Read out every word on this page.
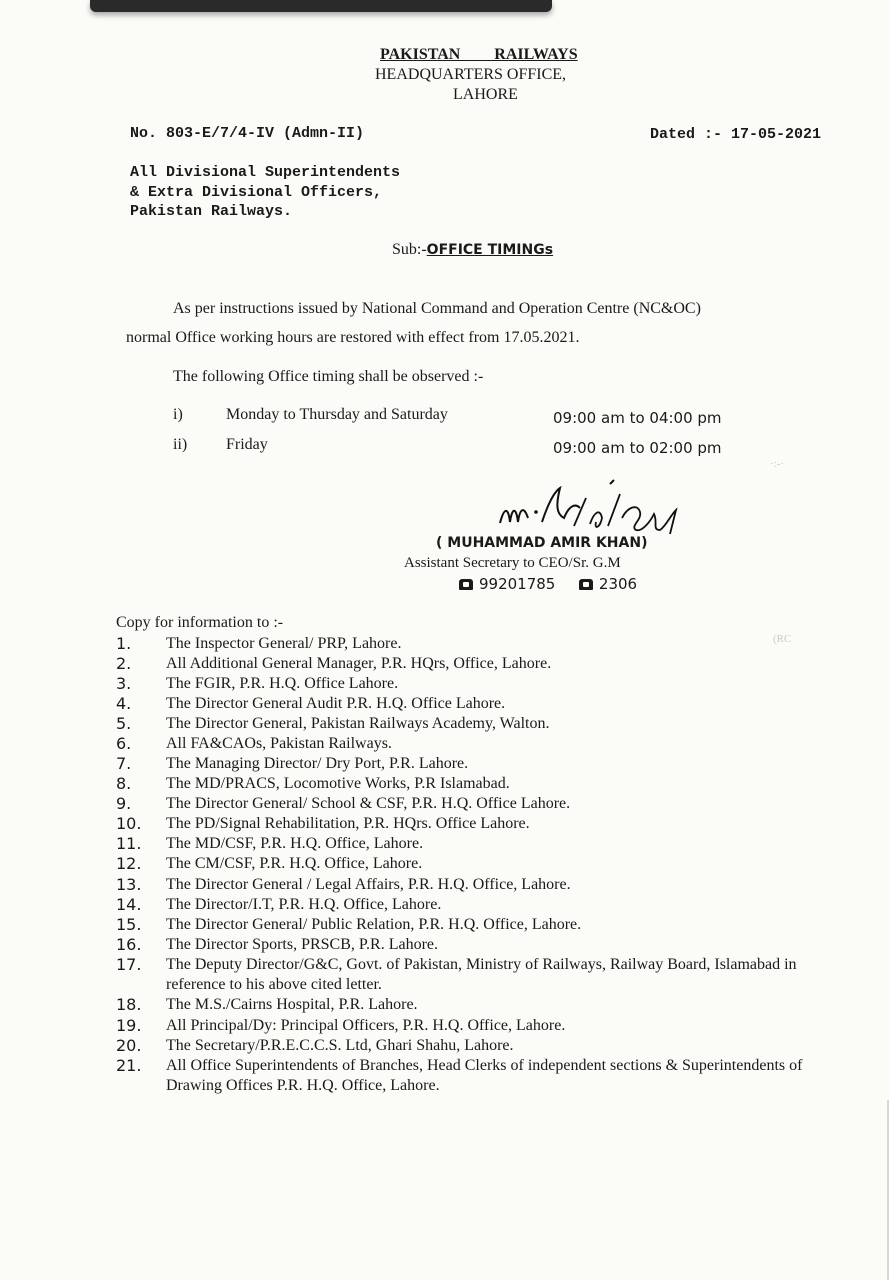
PAKISTAN RAILWAYS
HEADQUARTERS OFFICE,
LAHORE
No. 803-E/7/4-IV (Admn-II)	Dated :- 17-05-2021
All Divisional Superintendents
& Extra Divisional Officers,
Pakistan Railways.
Sub:-OFFICE TIMINGs
As per instructions issued by National Command and Operation Centre (NC&OC)
normal Office working hours are restored with effect from 17.05.2021.
The following Office timing shall be observed :-
i)	Monday to Thursday and Saturday	09:00 am to 04:00 pm
ii) Friday	09:00 am to 02:00 pm
( MUHAMMAD AMIR KHAN)
Assistant Secretary to CEO/Sr. G.M
99201785	2306
·:-·
(RC
Copy for information to :-
1. The Inspector General/ PRP, Lahore.
2. All Additional General Manager, P.R. HQrs, Office, Lahore.
3. The FGIR, P.R. H.Q. Office Lahore.
4. The Director General Audit P.R. H.Q. Office Lahore.
5. The Director General, Pakistan Railways Academy, Walton.
6. All FA&CAOs, Pakistan Railways.
7. The Managing Director/ Dry Port, P.R. Lahore.
8. The MD/PRACS, Locomotive Works, P.R Islamabad.
9. The Director General/ School & CSF, P.R. H.Q. Office Lahore.
10. The PD/Signal Rehabilitation, P.R. HQrs. Office Lahore.
11. The MD/CSF, P.R. H.Q. Office, Lahore.
12. The CM/CSF, P.R. H.Q. Office, Lahore.
13. The Director General / Legal Affairs, P.R. H.Q. Office, Lahore.
14. The Director/I.T, P.R. H.Q. Office, Lahore.
15. The Director General/ Public Relation, P.R. H.Q. Office, Lahore.
16. The Director Sports, PRSCB, P.R. Lahore.
17. The Deputy Director/G&C, Govt. of Pakistan, Ministry of Railways, Railway Board, Islamabad in reference to his above cited letter.
18. The M.S./Cairns Hospital, P.R. Lahore.
19. All Principal/Dy: Principal Officers, P.R. H.Q. Office, Lahore.
20. The Secretary/P.R.E.C.C.S. Ltd, Ghari Shahu, Lahore.
21. All Office Superintendents of Branches, Head Clerks of independent sections & Superintendents of Drawing Offices P.R. H.Q. Office, Lahore.
